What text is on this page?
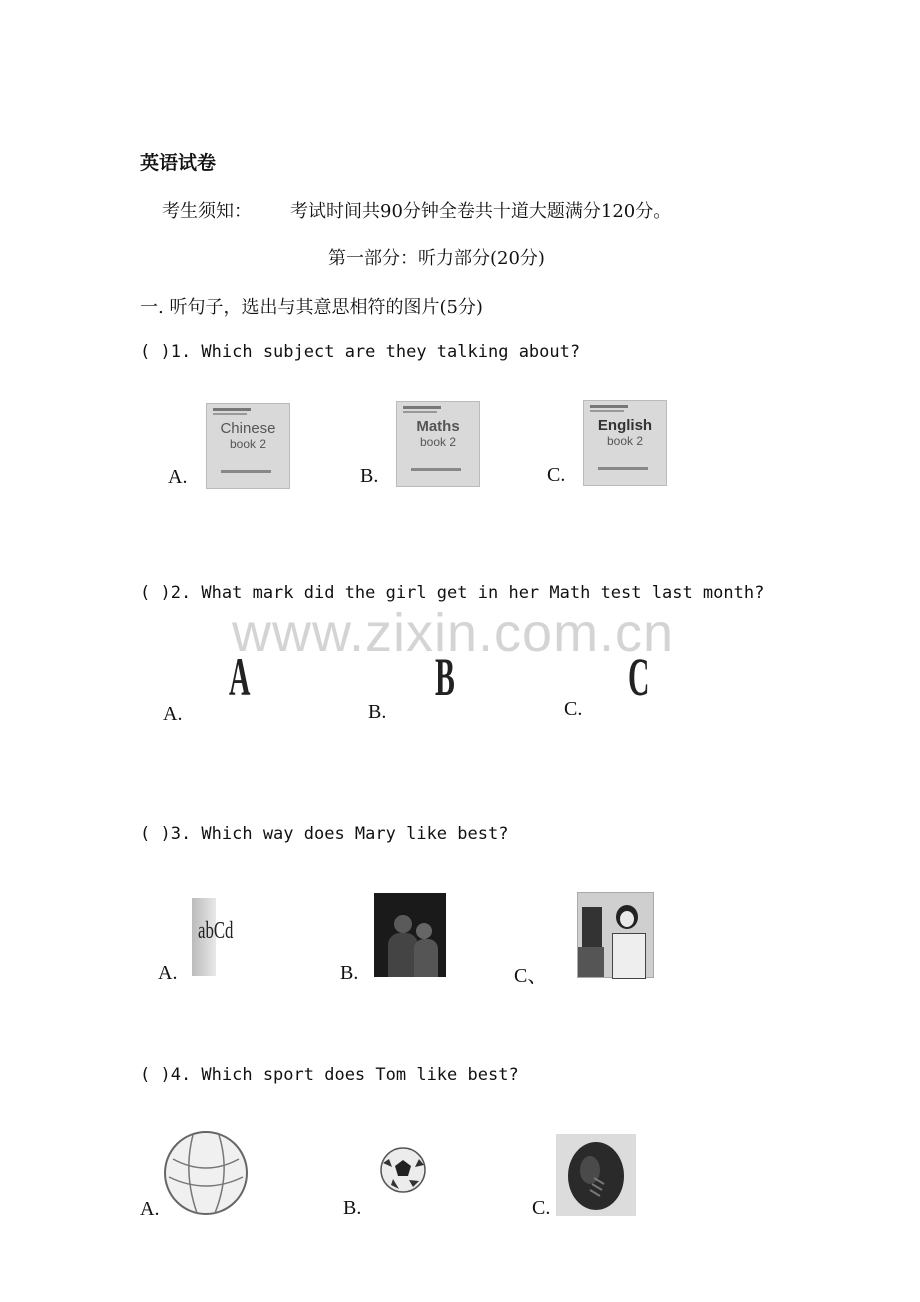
英语试卷
考生须知： 考试时间共90分钟全卷共十道大题满分120分。
第一部分：听力部分(20分)
一. 听句子，选出与其意思相符的图片(5分)
www.zixin.com.cn
( )1. Which subject are they talking about?
A.
Chinese
book 2
B.
Maths
book 2
C.
English
book 2
( )2. What mark did the girl get in her Math test last month?
A.
A
B.
B
C.
C
( )3. Which way does Mary like best?
A.
abCd
B.	C、
( )4. Which sport does Tom like best?
A.	B.	C.
